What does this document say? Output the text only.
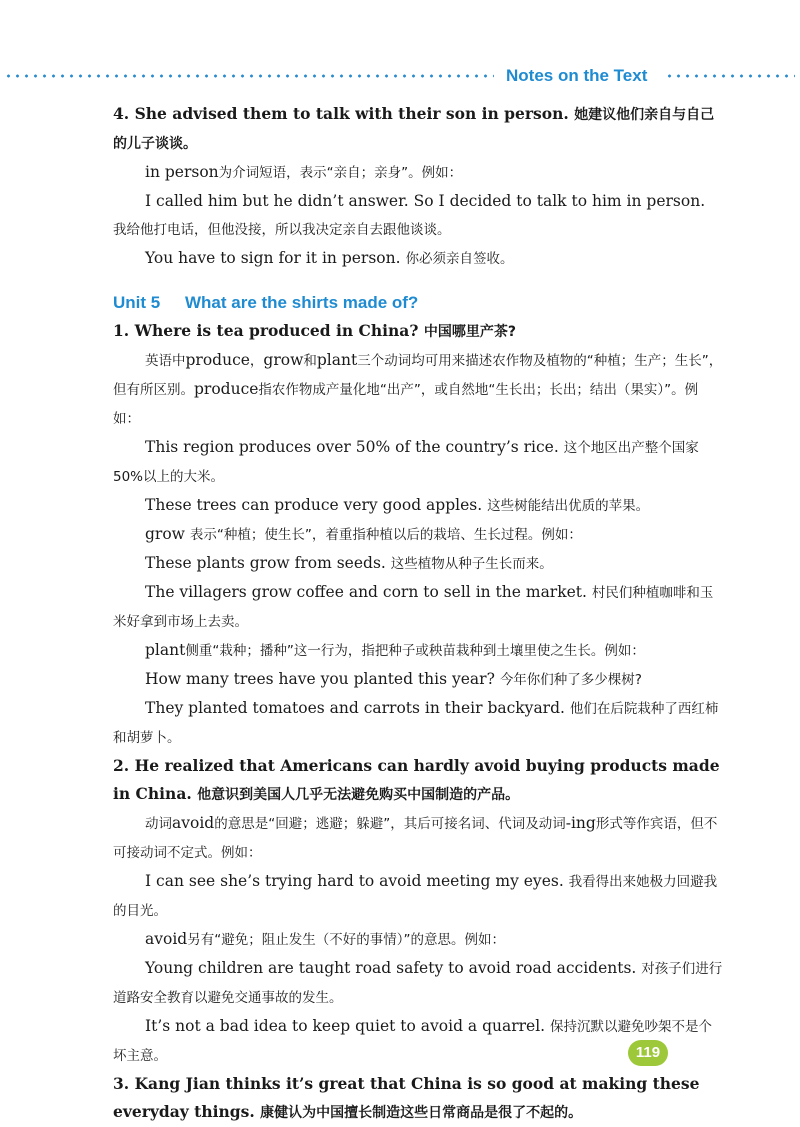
Notes on the Text

4. She advised them to talk with their son in person. 她建议他们亲自与自己的儿子谈谈。

in person为介词短语，表示“亲自；亲身”。例如：

I called him but he didn’t answer. So I decided to talk to him in person. 我给他打电话，但他没接，所以我决定亲自去跟他谈谈。

You have to sign for it in person. 你必须亲自签收。

Unit 5 What are the shirts made of?

1. Where is tea produced in China? 中国哪里产茶?

英语中produce，grow和plant三个动词均可用来描述农作物及植物的“种植；生产；生长”，但有所区别。produce指农作物成产量化地“出产”，或自然地“生长出；长出；结出（果实）”。例如：

This region produces over 50% of the country’s rice. 这个地区出产整个国家50%以上的大米。

These trees can produce very good apples. 这些树能结出优质的苹果。

grow 表示“种植；使生长”，着重指种植以后的栽培、生长过程。例如：

These plants grow from seeds. 这些植物从种子生长而来。

The villagers grow coffee and corn to sell in the market. 村民们种植咖啡和玉米好拿到市场上去卖。

plant侧重“栽种；播种”这一行为，指把种子或秧苗栽种到土壤里使之生长。例如：

How many trees have you planted this year? 今年你们种了多少棵树?

They planted tomatoes and carrots in their backyard. 他们在后院栽种了西红柿和胡萝卜。

2. He realized that Americans can hardly avoid buying products made in China. 他意识到美国人几乎无法避免购买中国制造的产品。

动词avoid的意思是“回避；逃避；躲避”，其后可接名词、代词及动词-ing形式等作宾语，但不可接动词不定式。例如：

I can see she’s trying hard to avoid meeting my eyes. 我看得出来她极力回避我的目光。

avoid另有“避免；阻止发生（不好的事情）”的意思。例如：

Young children are taught road safety to avoid road accidents. 对孩子们进行道路安全教育以避免交通事故的发生。

It’s not a bad idea to keep quiet to avoid a quarrel. 保持沉默以避免吵架不是个坏主意。

3. Kang Jian thinks it’s great that China is so good at making these everyday things. 康健认为中国擅长制造这些日常商品是很了不起的。

119
